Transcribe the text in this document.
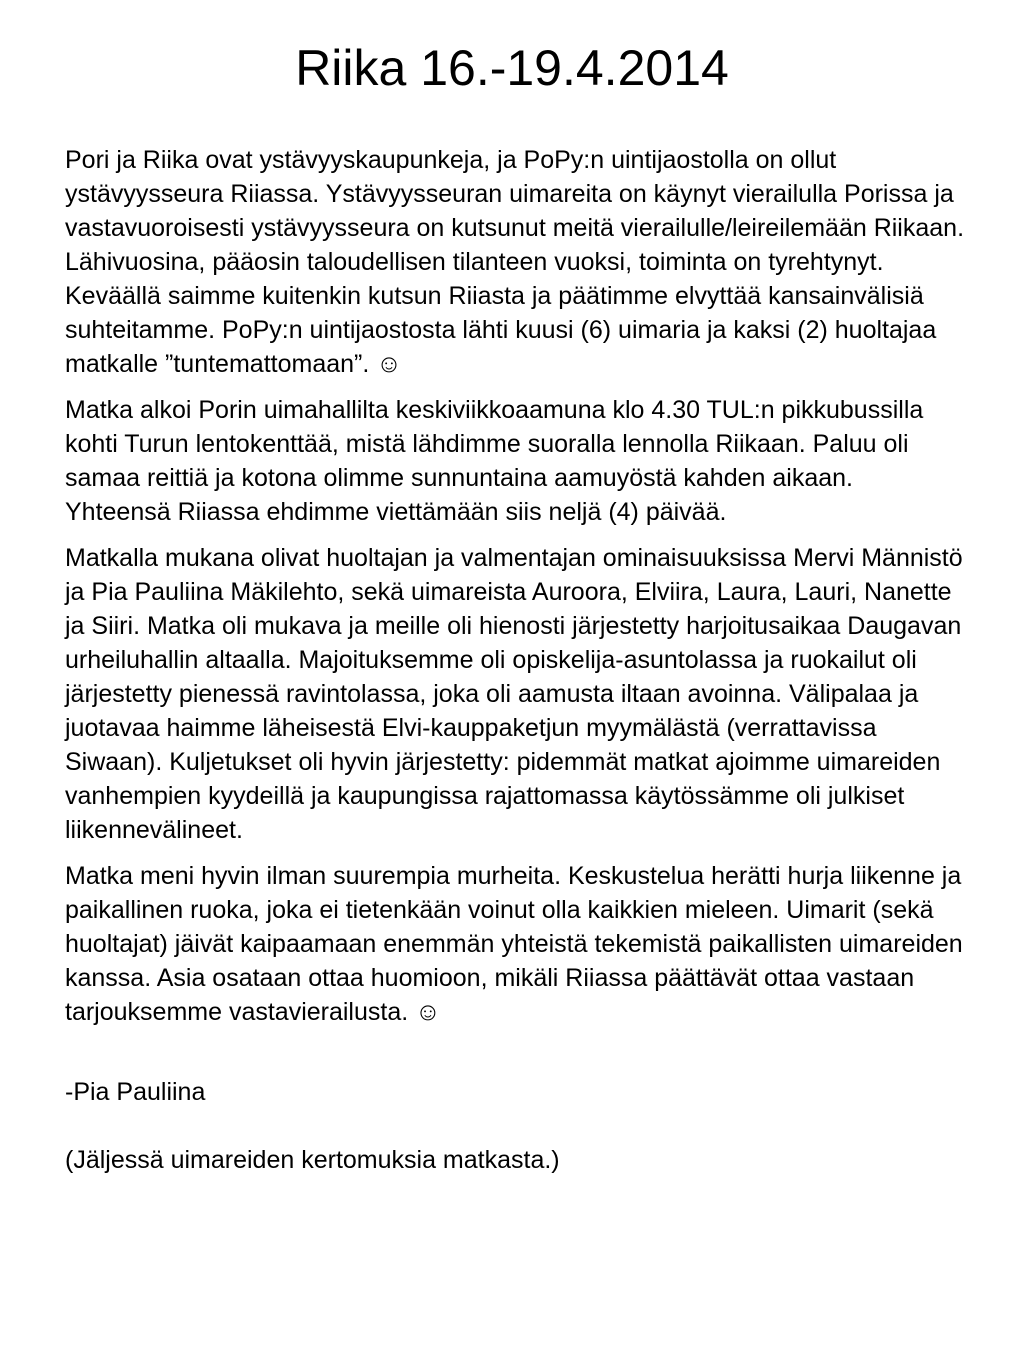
Riika 16.-19.4.2014

Pori ja Riika ovat ystävyyskaupunkeja, ja PoPy:n uintijaostolla on ollut ystävyysseura Riiassa. Ystävyysseuran uimareita on käynyt vierailulla Porissa ja vastavuoroisesti ystävyysseura on kutsunut meitä vierailulle/leireilemään Riikaan. Lähivuosina, pääosin taloudellisen tilanteen vuoksi, toiminta on tyrehtynyt. Keväällä saimme kuitenkin kutsun Riiasta ja päätimme elvyttää kansainvälisiä suhteitamme. PoPy:n uintijaostosta lähti kuusi (6) uimaria ja kaksi (2) huoltajaa matkalle ”tuntemattomaan”. ☺

Matka alkoi Porin uimahallilta keskiviikkoaamuna klo 4.30 TUL:n pikkubussilla kohti Turun lentokenttää, mistä lähdimme suoralla lennolla Riikaan. Paluu oli samaa reittiä ja kotona olimme sunnuntaina aamuyöstä kahden aikaan. Yhteensä Riiassa ehdimme viettämään siis neljä (4) päivää.

Matkalla mukana olivat huoltajan ja valmentajan ominaisuuksissa Mervi Männistö ja Pia Pauliina Mäkilehto, sekä uimareista Auroora, Elviira, Laura, Lauri, Nanette ja Siiri. Matka oli mukava ja meille oli hienosti järjestetty harjoitusaikaa Daugavan urheiluhallin altaalla. Majoituksemme oli opiskelija-asuntolassa ja ruokailut oli järjestetty pienessä ravintolassa, joka oli aamusta iltaan avoinna. Välipalaa ja juotavaa haimme läheisestä Elvi-kauppaketjun myymälästä (verrattavissa Siwaan). Kuljetukset oli hyvin järjestetty: pidemmät matkat ajoimme uimareiden vanhempien kyydeillä ja kaupungissa rajattomassa käytössämme oli julkiset liikennevälineet.

Matka meni hyvin ilman suurempia murheita. Keskustelua herätti hurja liikenne ja paikallinen ruoka, joka ei tietenkään voinut olla kaikkien mieleen. Uimarit (sekä huoltajat) jäivät kaipaamaan enemmän yhteistä tekemistä paikallisten uimareiden kanssa. Asia osataan ottaa huomioon, mikäli Riiassa päättävät ottaa vastaan tarjouksemme vastavierailusta. ☺

-Pia Pauliina

(Jäljessä uimareiden kertomuksia matkasta.)
